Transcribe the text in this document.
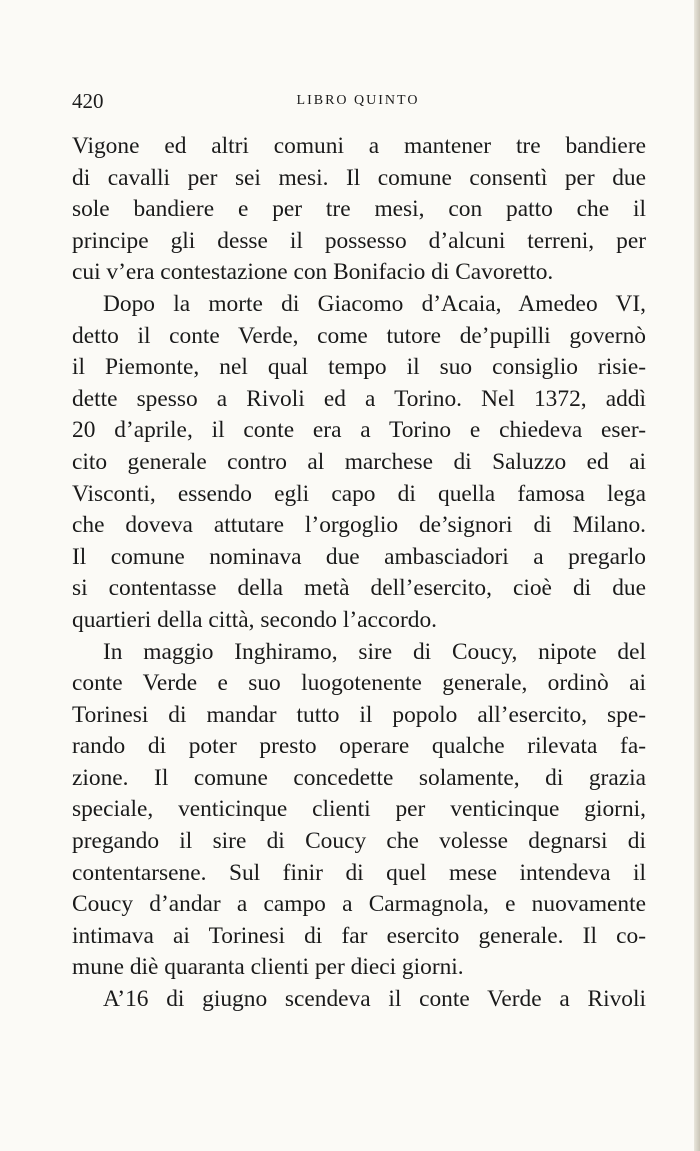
420	LIBRO QUINTO
Vigone ed altri comuni a mantener tre bandiere
di cavalli per sei mesi. Il comune consentì per due
sole bandiere e per tre mesi, con patto che il
principe gli desse il possesso d’alcuni terreni, per
cui v’era contestazione con Bonifacio di Cavoretto.
Dopo la morte di Giacomo d’Acaia, Amedeo VI,
detto il conte Verde, come tutore de’pupilli governò
il Piemonte, nel qual tempo il suo consiglio risie-
dette spesso a Rivoli ed a Torino. Nel 1372, addì
20 d’aprile, il conte era a Torino e chiedeva eser-
cito generale contro al marchese di Saluzzo ed ai
Visconti, essendo egli capo di quella famosa lega
che doveva attutare l’orgoglio de’signori di Milano.
Il comune nominava due ambasciadori a pregarlo
si contentasse della metà dell’esercito, cioè di due
quartieri della città, secondo l’accordo.
In maggio Inghiramo, sire di Coucy, nipote del
conte Verde e suo luogotenente generale, ordinò ai
Torinesi di mandar tutto il popolo all’esercito, spe-
rando di poter presto operare qualche rilevata fa-
zione. Il comune concedette solamente, di grazia
speciale, venticinque clienti per venticinque giorni,
pregando il sire di Coucy che volesse degnarsi di
contentarsene. Sul finir di quel mese intendeva il
Coucy d’andar a campo a Carmagnola, e nuovamente
intimava ai Torinesi di far esercito generale. Il co-
mune diè quaranta clienti per dieci giorni.
A’16 di giugno scendeva il conte Verde a Rivoli
